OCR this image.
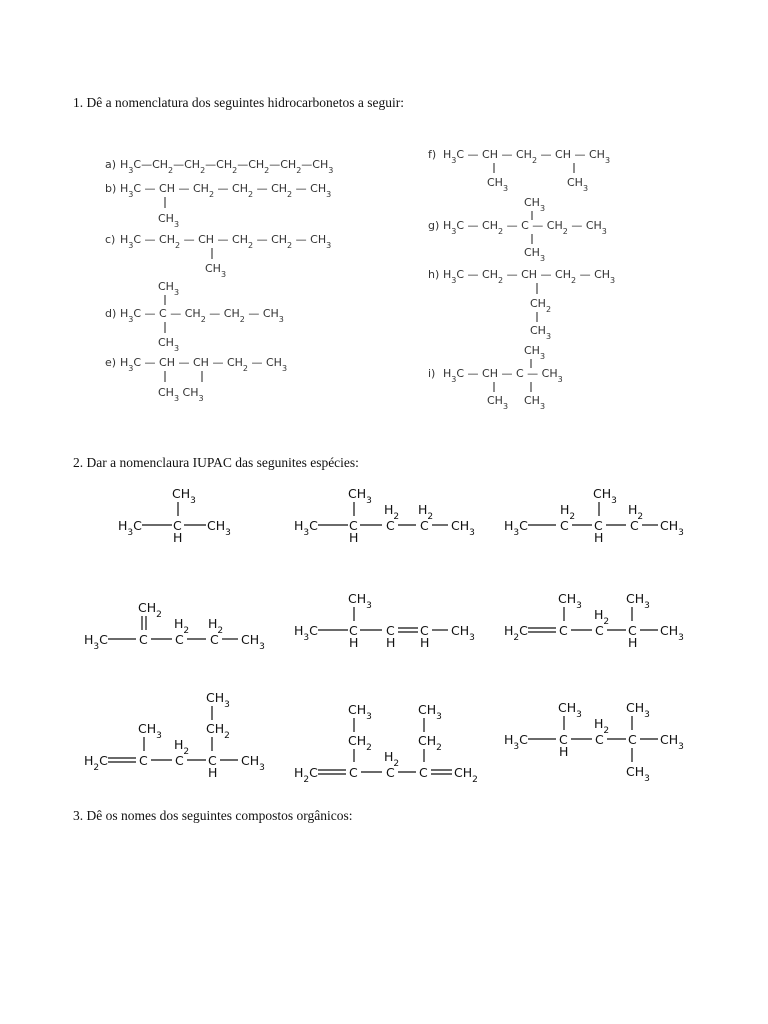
1. Dê a nomenclatura dos seguintes hidrocarbonetos a seguir:
2. Dar a nomenclaura IUPAC das segunites espécies:
3. Dê os nomes dos seguintes compostos orgânicos:
a) $H_3C—CH_2—CH_2—CH_2—CH_2—CH_2—CH_3$
b) $H_3C$ — CH — $CH_2$ — $CH_2$ — $CH_2$ — $CH_3$
$CH_3$
c) $H_3C$ — $CH_2$ — CH — $CH_2$ — $CH_2$ — $CH_3$
$CH_3$
$CH_3$
d) $H_3C$ — C — $CH_2$ — $CH_2$ — $CH_3$
$CH_3$
e) $H_3C$ — CH — CH — $CH_2$ — $CH_3$
$CH_3$ $CH_3$
f) $H_3C$ — CH — $CH_2$ — CH — $CH_3$
$CH_3$	$CH_3$
$CH_3$
g) $H_3C$ — $CH_2$ — C — $CH_2$ — $CH_3$
$CH_3$
h) $H_3C$ — $CH_2$ — CH — $CH_2$ — $CH_3$
$CH_2$
$CH_3$
$CH_3$
i) $H_3C$ — CH — C — $CH_3$
$CH_3$ $CH_3$
$CH_3$
$H_3C$ C $CH_3$
H
$CH_3$
$H_2$ $H_2$
$H_3C$ C C C $CH_3$
H
$CH_3$
$H_2$	$H_2$
$H_3C$	C C C $CH_3$
H
$CH_2$
$H_2$ $H_2$
$H_3C$ C C C $CH_3$
$CH_3$
$H_3C$ C C C $CH_3$
H H H
$CH_3$	$CH_3$
$H_2$
$H_2C$ C C C $CH_3$
H
$CH_3$
$CH_3$	$CH_2$
$H_2$
$H_2C$ C C C $CH_3$
H
$CH_3$	$CH_3$
$CH_2$	$CH_2$
$H_2$
$H_2C$ C C C $CH_2$
$CH_3$	$CH_3$
$H_2$
$H_3C$ C C C $CH_3$
H
$CH_3$
